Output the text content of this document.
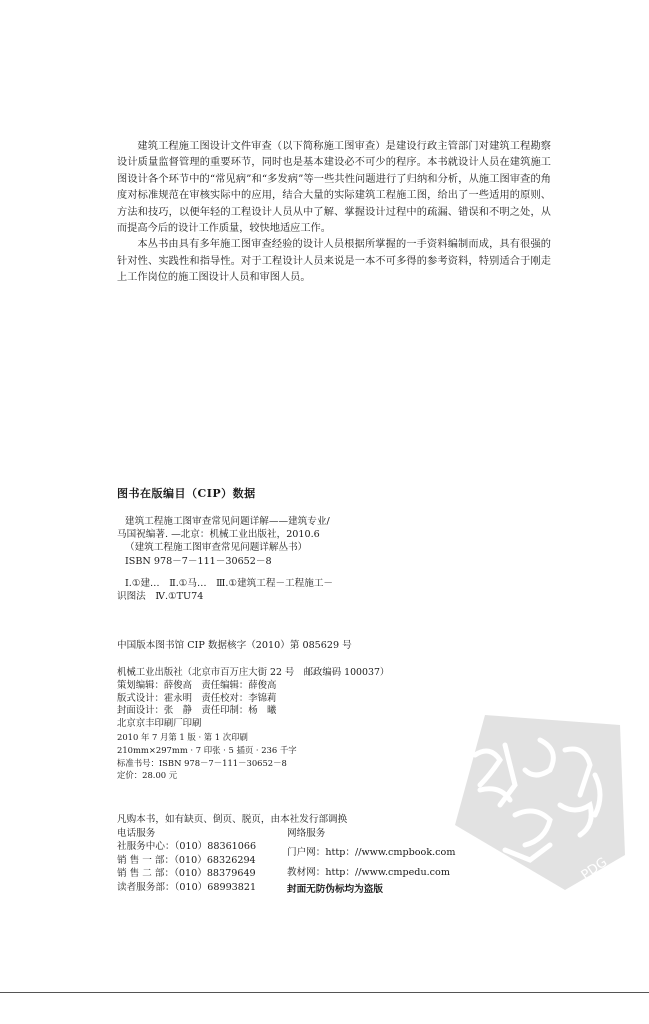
建筑工程施工图设计文件审查（以下简称施工图审查）是建设行政主管部门对建筑工程勘察设计质量监督管理的重要环节，同时也是基本建设必不可少的程序。本书就设计人员在建筑施工图设计各个环节中的“常见病”和“多发病”等一些共性问题进行了归纳和分析，从施工图审查的角度对标准规范在审核实际中的应用，结合大量的实际建筑工程施工图，给出了一些适用的原则、方法和技巧，以便年轻的工程设计人员从中了解、掌握设计过程中的疏漏、错误和不明之处，从而提高今后的设计工作质量，较快地适应工作。

本丛书由具有多年施工图审查经验的设计人员根据所掌握的一手资料编制而成，具有很强的针对性、实践性和指导性。对于工程设计人员来说是一本不可多得的参考资料，特别适合于刚走上工作岗位的施工图设计人员和审图人员。

图书在版编目（CIP）数据
建筑工程施工图审查常见问题详解——建筑专业/
马国祝编著. —北京：机械工业出版社，2010.6
（建筑工程施工图审查常见问题详解丛书）
ISBN 978－7－111－30652－8
Ⅰ.①建…　Ⅱ.①马…　Ⅲ.①建筑工程－工程施工－
识图法　Ⅳ.①TU74
中国版本图书馆 CIP 数据核字（2010）第 085629 号
机械工业出版社（北京市百万庄大街 22 号　邮政编码 100037）
策划编辑：薛俊高　责任编辑：薛俊高
版式设计：霍永明　责任校对：李锦莉
封面设计：张　静　责任印制：杨　曦
北京京丰印刷厂印刷
2010 年 7 月第 1 版 · 第 1 次印刷
210mm×297mm · 7 印张 · 5 插页 · 236 千字
标准书号：ISBN 978－7－111－30652－8
定价：28.00 元
凡购本书，如有缺页、倒页、脱页，由本社发行部调换
电话服务
社服务中心：（010）88361066
销 售 一 部：（010）68326294
销 售 二 部：（010）88379649
读者服务部：（010）68993821
网络服务
门户网：http：//www.cmpbook.com
教材网：http：//www.cmpedu.com
封面无防伪标均为盗版
PDG
